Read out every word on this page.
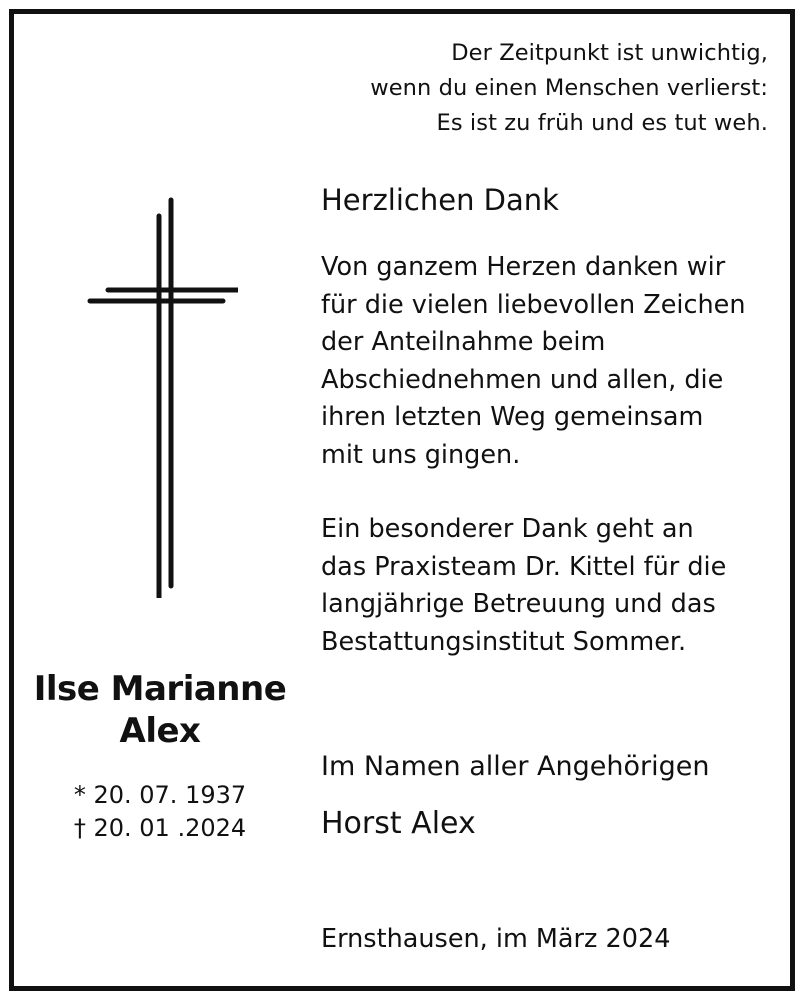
Der Zeitpunkt ist unwichtig,
wenn du einen Menschen verlierst:
Es ist zu früh und es tut weh.
Herzlichen Dank
Von ganzem Herzen danken wir
für die vielen liebevollen Zeichen
der Anteilnahme beim
Abschiednehmen und allen, die
ihren letzten Weg gemeinsam
mit uns gingen.
Ein besonderer Dank geht an
das Praxisteam Dr. Kittel für die
langjährige Betreuung und das
Bestattungsinstitut Sommer.
Im Namen aller Angehörigen
Horst Alex
Ernsthausen, im März 2024
Ilse Marianne
Alex
* 20. 07. 1937
† 20. 01 .2024
